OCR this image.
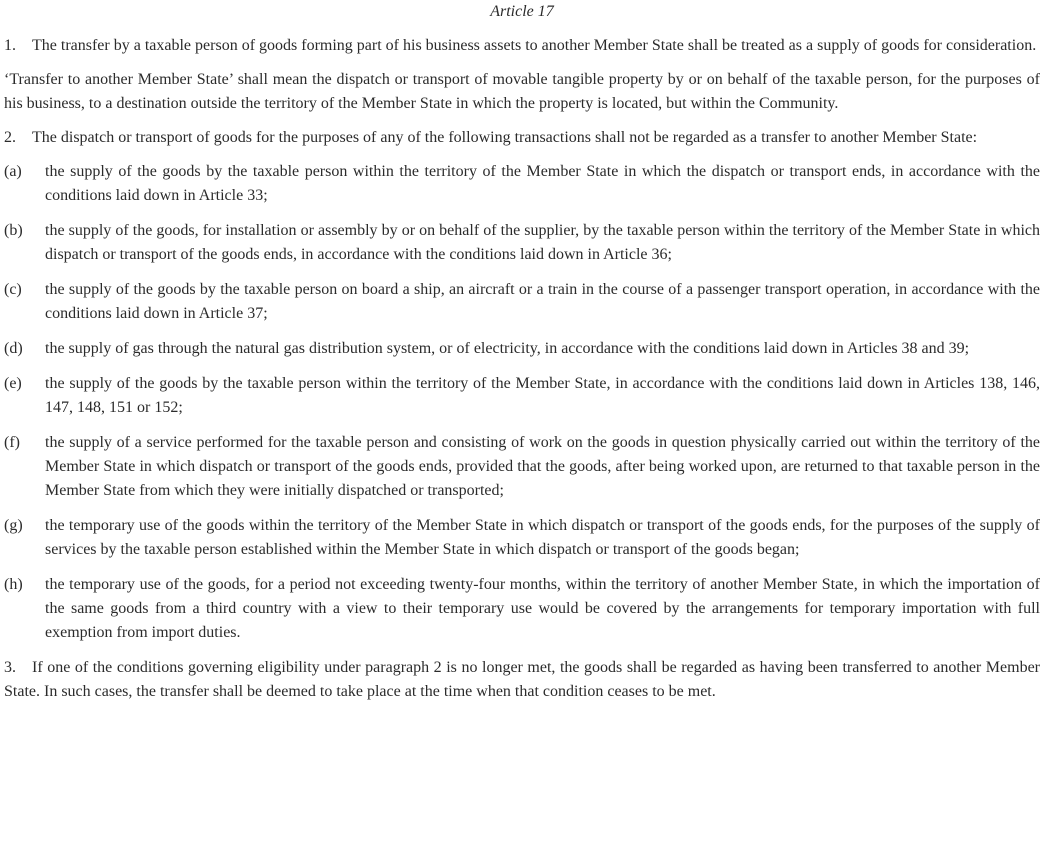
Article 17

1. The transfer by a taxable person of goods forming part of his business assets to another Member State shall be treated as a supply of goods for consideration.

‘Transfer to another Member State’ shall mean the dispatch or transport of movable tangible property by or on behalf of the taxable person, for the purposes of his business, to a destination outside the territory of the Member State in which the property is located, but within the Community.

2. The dispatch or transport of goods for the purposes of any of the following transactions shall not be regarded as a transfer to another Member State:

(a)	the supply of the goods by the taxable person within the territory of the Member State in which the dispatch or transport ends, in accordance with the conditions laid down in Article 33;
(b)	the supply of the goods, for installation or assembly by or on behalf of the supplier, by the taxable person within the territory of the Member State in which dispatch or transport of the goods ends, in accordance with the conditions laid down in Article 36;
(c)	the supply of the goods by the taxable person on board a ship, an aircraft or a train in the course of a passenger transport operation, in accordance with the conditions laid down in Article 37;
(d)	the supply of gas through the natural gas distribution system, or of electricity, in accordance with the conditions laid down in Articles 38 and 39;
(e)	the supply of the goods by the taxable person within the territory of the Member State, in accordance with the conditions laid down in Articles 138, 146, 147, 148, 151 or 152;
(f)	the supply of a service performed for the taxable person and consisting of work on the goods in question physically carried out within the territory of the Member State in which dispatch or transport of the goods ends, provided that the goods, after being worked upon, are returned to that taxable person in the Member State from which they were initially dispatched or transported;
(g)	the temporary use of the goods within the territory of the Member State in which dispatch or transport of the goods ends, for the purposes of the supply of services by the taxable person established within the Member State in which dispatch or transport of the goods began;
(h)	the temporary use of the goods, for a period not exceeding twenty-four months, within the territory of another Member State, in which the importation of the same goods from a third country with a view to their temporary use would be covered by the arrangements for temporary importation with full exemption from import duties.

3. If one of the conditions governing eligibility under paragraph 2 is no longer met, the goods shall be regarded as having been transferred to another Member State. In such cases, the transfer shall be deemed to take place at the time when that condition ceases to be met.
